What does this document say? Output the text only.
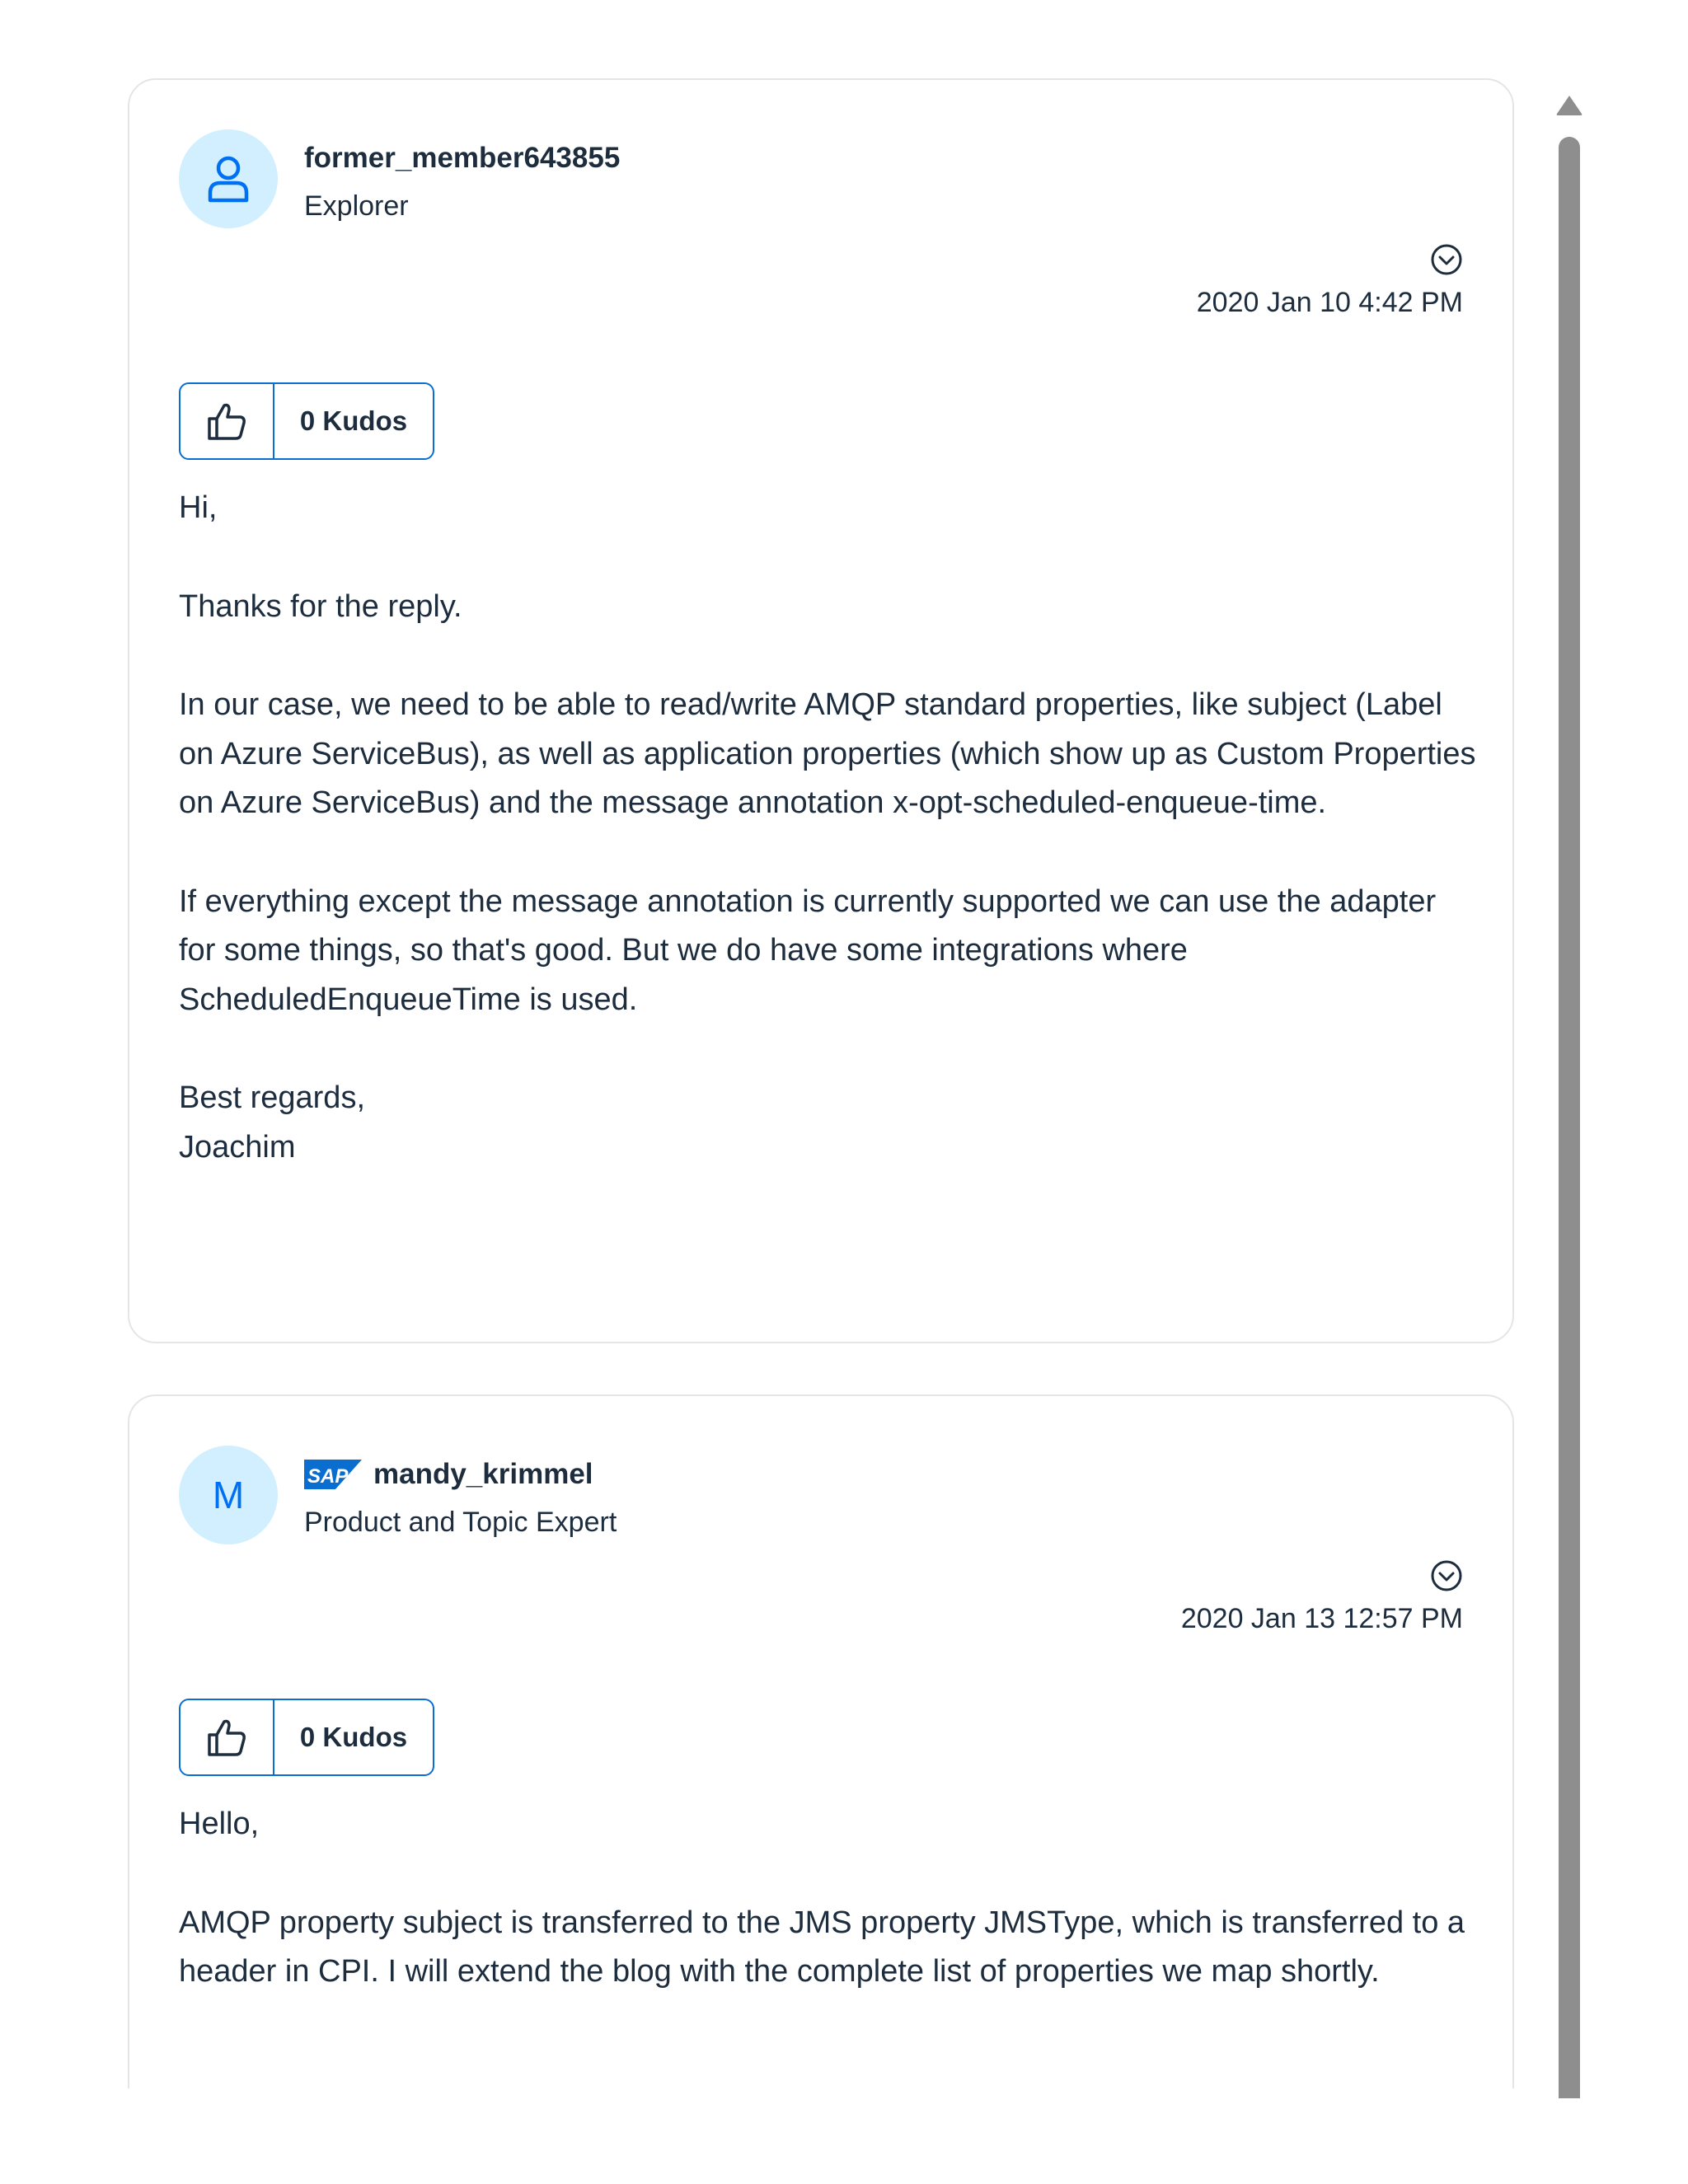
former_member643855
Explorer
2020 Jan 10 4:42 PM
0 Kudos

Hi,

Thanks for the reply.

In our case, we need to be able to read/write AMQP standard properties, like subject (Label on Azure ServiceBus), as well as application properties (which show up as Custom Properties on Azure ServiceBus) and the message annotation x-opt-scheduled-enqueue-time.

If everything except the message annotation is currently supported we can use the adapter for some things, so that's good. But we do have some integrations where ScheduledEnqueueTime is used.

Best regards,

Joachim

M	SAP mandy_krimmel
Product and Topic Expert
2020 Jan 13 12:57 PM
0 Kudos

Hello,

AMQP property subject is transferred to the JMS property JMSType, which is transferred to a header in CPI. I will extend the blog with the complete list of properties we map shortly.
